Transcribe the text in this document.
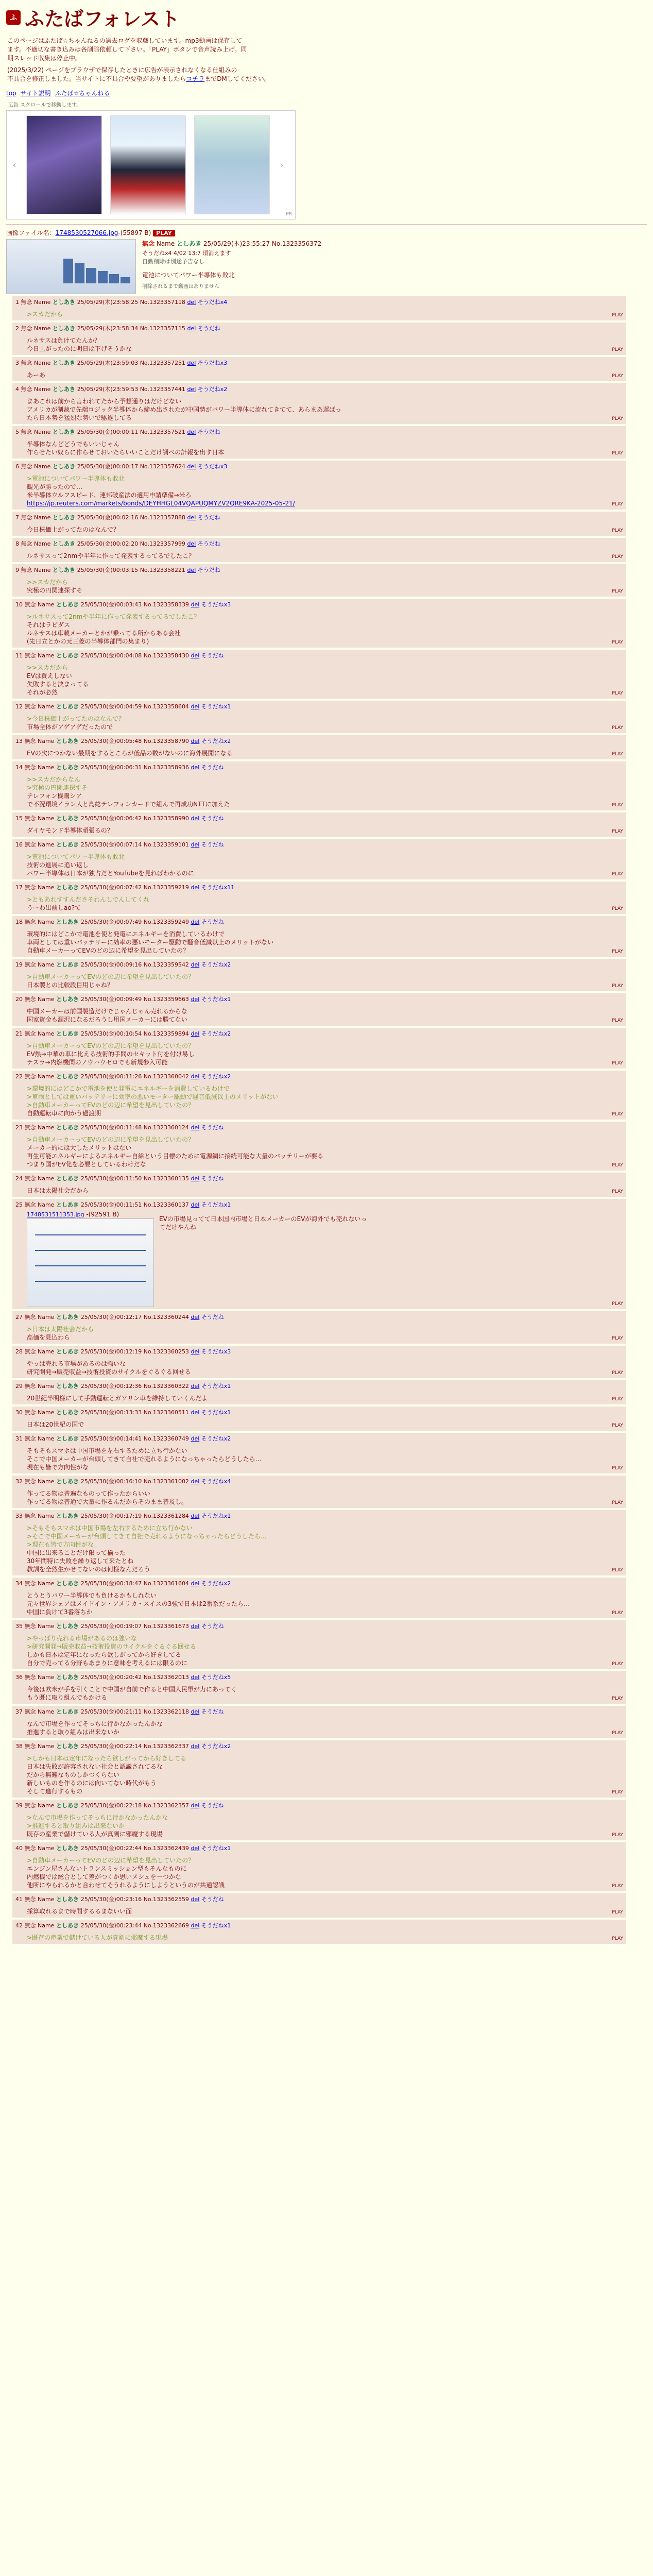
ふ ふたばフォレスト
このページはふたば☆ちゃんねるの過去ログを収蔵しています。mp3動画は保存して
ます。不適切な書き込みは各削除依頼して下さい。「PLAY」ボタンで音声読み上げ。同
期スレッド収集は停止中。
(2025/3/22) ページをブラウザで保存したときに広告が表示されなくなる仕組みの
不具合を修正しました。当サイトに不具合や要望がありましたらコチラまでDMしてください。
top サイト説明 ふたば☆ちゃんねる
広告 スクロールで移動します。
‹	›
PR
画像ファイル名：1748530527066.jpg-(55897 B) PLAY
無念 Name としあき 25/05/29(木)23:55:27 No.1323356372
そうだねx4 4/02 13:7 頃消えます
自動削除は別途予告なし
電池についてパワー半導体も敗北
削除されるまで動画はありません
1 無念 Name としあき 25/05/29(木)23:58:25 No.1323357118 del そうだねx4
>スカだから	PLAY
2 無念 Name としあき 25/05/29(木)23:58:34 No.1323357115 del そうだね
ルネサスは負けてたんか？
今日上がったのに明日は下げそうかな	PLAY
3 無念 Name としあき 25/05/29(木)23:59:03 No.1323357251 del そうだねx3
あーあ	PLAY
4 無念 Name としあき 25/05/29(木)23:59:53 No.1323357441 del そうだねx2
まあこれは前から言われてたから予想通りはだけどない
アメリカが制裁で先端ロジック半導体から締め出されたが中国勢がパワー半導体に流れてきてて、あらまあ遅ばっ
たら日本勢を猛烈な勢いで駆逐してる	PLAY
5 無念 Name としあき 25/05/30(金)00:00:11 No.1323357521 del そうだね
半導体なんどどうでもいいじゃん
作らせたい奴らに作らせておいたらいいことだけ調べの計報を出す日本	PLAY
6 無念 Name としあき 25/05/30(金)00:00:17 No.1323357624 del そうだねx3
>電池についてパワー半導体も敗北
観光が勝ったので…
米半導体ウルフスピード、連邦破産法の適用申請準備→米ろ
https://jp.reuters.com/markets/bonds/DEYHHGL04VQAPUQMYZV2QRE9KA-2025-05-21/	PLAY
7 無念 Name としあき 25/05/30(金)00:02:16 No.1323357888 del そうだね
今日株価上がってたのはなんで？	PLAY
8 無念 Name としあき 25/05/30(金)00:02:20 No.1323357999 del そうだね
ルネサスって2nmや半年に作って発表するってるでしたこ？	PLAY
9 無念 Name としあき 25/05/30(金)00:03:15 No.1323358221 del そうだね
>>スカだから
究極の円関連探すそ	PLAY
10 無念 Name としあき 25/05/30(金)00:03:43 No.1323358339 del そうだねx3
>ルネサスって2nmや半年に作って発表するってるでしたこ？
それはラピダス
ルネサスは車載メーカーとかが乗ってる所からある会社
(先日立とかの元三菱の半導体部門の集まり)	PLAY
11 無念 Name としあき 25/05/30(金)00:04:08 No.1323358430 del そうだね
>>スカだから
EVは買えしない
失敗すると決まってる
それが必然	PLAY
12 無念 Name としあき 25/05/30(金)00:04:59 No.1323358604 del そうだねx1
>今日株価上がってたのはなんで？
市場全体がアゲアゲだったので	PLAY
13 無念 Name としあき 25/05/30(金)00:05:48 No.1323358790 del そうだねx2
EVの次につかない最期をするところが低品の数がないのに海外展開になる	PLAY
14 無念 Name としあき 25/05/30(金)00:06:31 No.1323358936 del そうだね
>>スカだからなん
>究極の円関連探すそ
テレフォン機購シア
で不況環境イラン人と島総テレフォンカードで組んで再成功NTTに加えた	PLAY
15 無念 Name としあき 25/05/30(金)00:06:42 No.1323358990 del そうだね
ダイヤモンド半導体頑張るの？	PLAY
16 無念 Name としあき 25/05/30(金)00:07:14 No.1323359101 del そうだね
>電池についてパワー半導体も敗北
技術の進展に追い返し
パワー半導体は日本が独占だとYouTubeを見ればわかるのに	PLAY
17 無念 Name としあき 25/05/30(金)00:07:42 No.1323359219 del そうだねx11
>ともあれすすんださそれんしでんしてくれ
うーわ出前しao?て	PLAY
18 無念 Name としあき 25/05/30(金)00:07:49 No.1323359249 del そうだね
環境的にはどこかで電池を使と発電にエネルギーを消費しているわけで
車両としては重いバッテリーに効率の悪いモーター駆動で騒音低減以上のメリットがない
自動車メーカーってEVのどの辺に希望を見出していたの？	PLAY
19 無念 Name としあき 25/05/30(金)00:09:16 No.1323359542 del そうだねx2
>自動車メーカーってEVのどの辺に希望を見出していたの？
日本製との比較段目用じゃね？	PLAY
20 無念 Name としあき 25/05/30(金)00:09:49 No.1323359663 del そうだねx1
中国メーカーは前国製造だけでじゃんじゃん売れるからな
国家資金も潤沢になるだろうし用国メーカーには勝てない	PLAY
21 無念 Name としあき 25/05/30(金)00:10:54 No.1323359894 del そうだねx2
>自動車メーカーってEVのどの辺に希望を見出していたの？
EV熱→中華の車に比える技術的手間のセキット付を付け易し
テスラ→内燃機関のノウハウゼロでも新規参入可能	PLAY
22 無念 Name としあき 25/05/30(金)00:11:26 No.1323360042 del そうだねx2
>環境的にはどこかで電池を使と発電にエネルギーを消費しているわけで
>車両としては重いバッテリーに効率の悪いモーター駆動で騒音低減以上のメリットがない
>自動車メーカーってEVのどの辺に希望を見出していたの？
自動運転車に向かう過渡期	PLAY
23 無念 Name としあき 25/05/30(金)00:11:48 No.1323360124 del そうだね
>自動車メーカーってEVのどの辺に希望を見出していたの？
メーカー的には大したメリットはない
再生可能エネルギーによるエネルギー自給という目標のために電源網に接続可能な大量のバッテリーが要る
つまり国がEV化を必要としているわけだな	PLAY
24 無念 Name としあき 25/05/30(金)00:11:50 No.1323360135 del そうだね
日本は太陽社会だから	PLAY
25 無念 Name としあき 25/05/30(金)00:11:51 No.1323360137 del そうだねx1
1748531511353.jpg -(92591 B)
EVの市場見ってて日本国内市場と日本メーカーのEVが海外でも売れないっ
てだけやんね
PLAY
27 無念 Name としあき 25/05/30(金)00:12:17 No.1323360244 del そうだね
>日本は太陽社会だから
高価を見込わら	PLAY
28 無念 Name としあき 25/05/30(金)00:12:19 No.1323360253 del そうだねx3
やっぱ売れる市場があるのは強いな
研究開発→販売収益→技術投資のサイクルをぐるぐる回せる	PLAY
29 無念 Name としあき 25/05/30(金)00:12:36 No.1323360322 del そうだねx1
20世紀半明様にして手動運転とガソリン車を維持していくんだよ	PLAY
30 無念 Name としあき 25/05/30(金)00:13:33 No.1323360511 del そうだねx1
日本は20世紀の国で	PLAY
31 無念 Name としあき 25/05/30(金)00:14:41 No.1323360749 del そうだねx2
そもそもスマホは中国市場を左右するために立ち行かない
そこで中国メーカーが台頭してきて自社で売れるようになっちゃったらどうしたら…
現在も皆で方向性がな	PLAY
32 無念 Name としあき 25/05/30(金)00:16:10 No.1323361002 del そうだねx4
作ってる物は普遍なものって作ったからいい
作ってる物は普通で大量に作るんだからそのまま普及し。	PLAY
33 無念 Name としあき 25/05/30(金)00:17:19 No.1323361284 del そうだねx1
>そもそもスマホは中国市場を左右するために立ち行かない
>そこで中国メーカーが台頭してきて自社で売れるようになっちゃったらどうしたら…
>現在も皆で方向性がな
中国に出来ることだけ限って揃った
30年間特に失敗を繰り返して来たとね
教訓を全然生かせてないのは何様なんだろう	PLAY
34 無念 Name としあき 25/05/30(金)00:18:47 No.1323361604 del そうだねx2
とうとうパワー半導体でも負けるかもしれない
元々世界シェアはメイドイン・アメリカ・スイスの3強で日本は2番系だったら…
中国に負けて3番落ちか	PLAY
35 無念 Name としあき 25/05/30(金)00:19:07 No.1323361673 del そうだね
>やっぱり売れる市場があるのは強いな
>研究開発→販売収益→技術投資のサイクルをぐるぐる回せる
しかも日本は定年になったら欲しがってから好きしてる
自分で売ってる分野もあまりに意味を考えるには限るのに	PLAY
36 無念 Name としあき 25/05/30(金)00:20:42 No.1323362013 del そうだねx5
今後は欧米が手を引くことで中国が自前で作ると中国人民軍が力にあってく
もう既に取り組んでもかける	PLAY
37 無念 Name としあき 25/05/30(金)00:21:11 No.1323362118 del そうだね
なんで市場を作ってそっちに行かなかったんかな
推進すると取り組みは出来ないか	PLAY
38 無念 Name としあき 25/05/30(金)00:22:14 No.1323362337 del そうだねx2
>しかも日本は定年になったら欲しがってから好きしてる
日本は失敗が許容されない社会と認識されてるな
だから無難なものしかつくらない
新しいものを作るのには向いてない時代がもう
そして進行するもの	PLAY
39 無念 Name としあき 25/05/30(金)00:22:18 No.1323362357 del そうだね
>なんで市場を作ってそっちに行かなかったんかな
>推進すると取り組みは出来ないか
既存の産業で儲けている人が真剣に邪魔する現場	PLAY
40 無念 Name としあき 25/05/30(金)00:22:44 No.1323362439 del そうだねx1
>自動車メーカーってEVのどの辺に希望を見出していたの？
エンジン屋さんないトランスミッション型もそんなものに
内燃機では総合として差がつくか思いメシュを一つかな
他所にやられるかと合わせてそうれるようにしようというのが共通認識	PLAY
41 無念 Name としあき 25/05/30(金)00:23:16 No.1323362559 del そうだね
採算取れるまで時間するるまないい面	PLAY
42 無念 Name としあき 25/05/30(金)00:23:44 No.1323362669 del そうだねx1
>既存の産業で儲けている人が真剣に邪魔する現場	PLAY
